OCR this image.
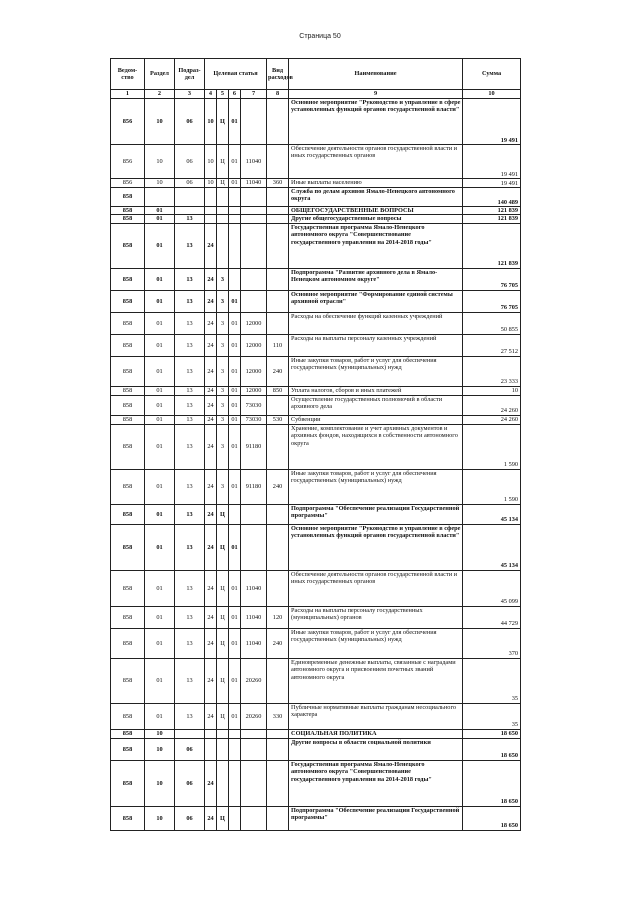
Страница 50
Ведом-ство	Раздел	Подраз-дел	Целевая статья				Вид расходов	Наименование	Сумма
1	2	3	4	5	6	7	8	9	10
856	10	06	10	Ц	01			Основное мероприятие "Руководство и управление в сфере установленных функций органов государственной власти"	19 491
856	10	06	10	Ц	01	11040		Обеспечение деятельности органов государственной власти и иных государственных органов	19 491
856	10	06	10	Ц	01	11040	360	Иные выплаты населению	19 491
858								Служба по делам архивов Ямало-Ненецкого автономного округа	140 489
858	01							ОБЩЕГОСУДАРСТВЕННЫЕ ВОПРОСЫ	121 839
858	01	13						Другие общегосударственные вопросы	121 839
858	01	13	24					Государственная программа Ямало-Ненецкого автономного округа "Совершенствование государственного управления на 2014-2018 годы"	121 839
858	01	13	24	3				Подпрограмма "Развитие архивного дела в Ямало-Ненецком автономном округе"	76 705
858	01	13	24	3	01			Основное мероприятие "Формирование единой системы архивной отрасли"	76 705
858	01	13	24	3	01	12000		Расходы на обеспечение функций казенных учреждений	50 855
858	01	13	24	3	01	12000	110	Расходы на выплаты персоналу казенных учреждений	27 512
858	01	13	24	3	01	12000	240	Иные закупки товаров, работ и услуг для обеспечения государственных (муниципальных) нужд	23 333
858	01	13	24	3	01	12000	850	Уплата налогов, сборов и иных платежей	10
858	01	13	24	3	01	73030		Осуществление государственных полномочий в области архивного дела	24 260
858	01	13	24	3	01	73030	530	Субвенции	24 260
858	01	13	24	3	01	91180		Хранение, комплектование и учет архивных документов и архивных фондов, находящихся в собственности автономного округа	1 590
858	01	13	24	3	01	91180	240	Иные закупки товаров, работ и услуг для обеспечения государственных (муниципальных) нужд	1 590
858	01	13	24	Ц				Подпрограмма "Обеспечение реализации Государственной программы"	45 134
858	01	13	24	Ц	01			Основное мероприятие "Руководство и управление в сфере установленных функций органов государственной власти"	45 134
858	01	13	24	Ц	01	11040		Обеспечение деятельности органов государственной власти и иных государственных органов	45 099
858	01	13	24	Ц	01	11040	120	Расходы на выплаты персоналу государственных (муниципальных) органов	44 729
858	01	13	24	Ц	01	11040	240	Иные закупки товаров, работ и услуг для обеспечения государственных (муниципальных) нужд	370
858	01	13	24	Ц	01	20260		Единовременные денежные выплаты, связанные с наградами автономного округа и присвоением почетных званий автономного округа	35
858	01	13	24	Ц	01	20260	330	Публичные нормативные выплаты гражданам несоциального характера	35
858	10							СОЦИАЛЬНАЯ ПОЛИТИКА	18 650
858	10	06						Другие вопросы в области социальной политики	18 650
858	10	06	24					Государственная программа Ямало-Ненецкого автономного округа "Совершенствование государственного управления на 2014-2018 годы"	18 650
858	10	06	24	Ц				Подпрограмма "Обеспечение реализации Государственной программы"	18 650
